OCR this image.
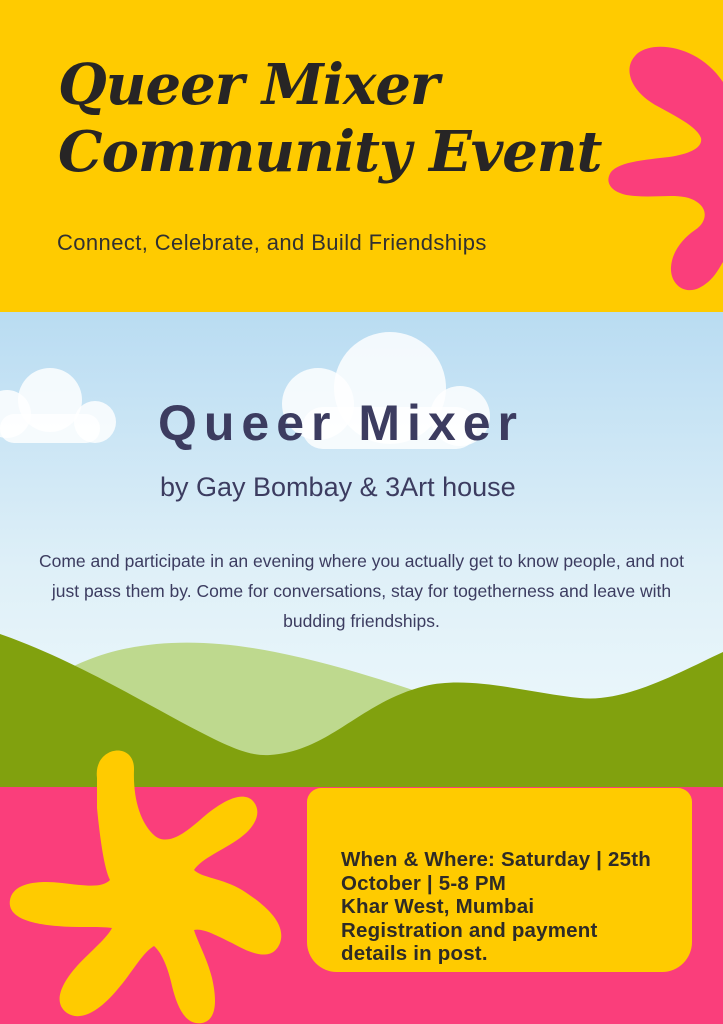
Queer Mixer
Community Event

Connect, Celebrate, and Build Friendships

Queer Mixer

by Gay Bombay & 3Art house

Come and participate in an evening where you actually get to know people, and not
just pass them by. Come for conversations, stay for togetherness and leave with
budding friendships.
When & Where: Saturday | 25th
October | 5-8 PM
Khar West, Mumbai
Registration and payment
details in post.
